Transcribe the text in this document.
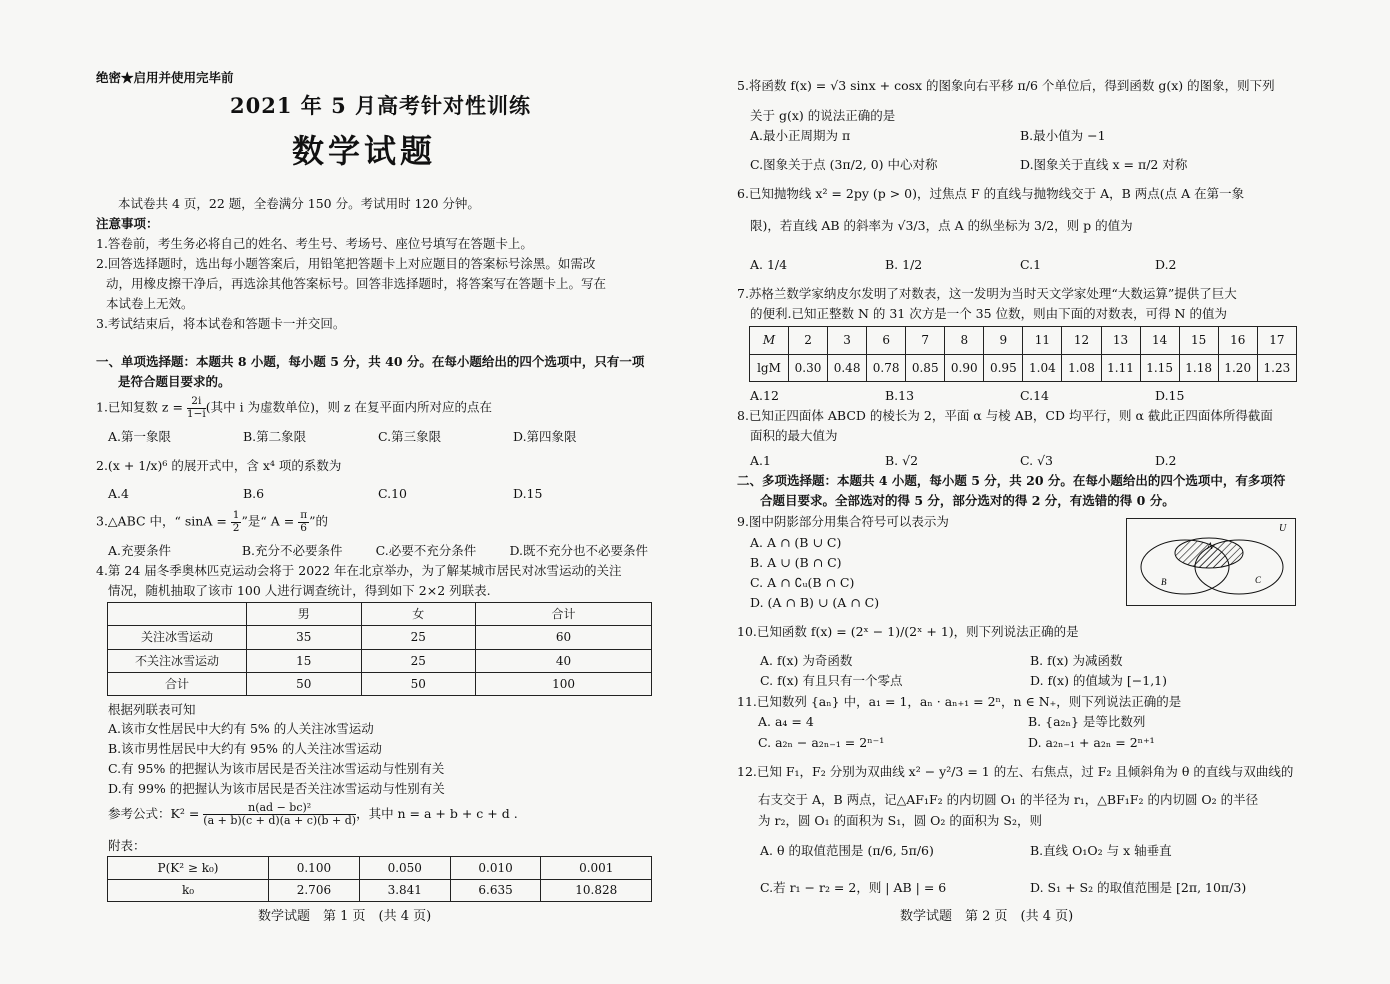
绝密★启用并使用完毕前
2021 年 5 月高考针对性训练
数学试题
本试卷共 4 页，22 题，全卷满分 150 分。考试用时 120 分钟。
注意事项：
1.答卷前，考生务必将自己的姓名、考生号、考场号、座位号填写在答题卡上。
2.回答选择题时，选出每小题答案后，用铅笔把答题卡上对应题目的答案标号涂黑。如需改
动，用橡皮擦干净后，再选涂其他答案标号。回答非选择题时，将答案写在答题卡上。写在
本试卷上无效。
3.考试结束后，将本试卷和答题卡一并交回。
一、单项选择题：本题共 8 小题，每小题 5 分，共 40 分。在每小题给出的四个选项中，只有一项
是符合题目要求的。
1.已知复数 $z = \frac{2i}{1-i}$ (其中 i 为虚数单位)，则 z 在复平面内所对应的点在
A.第一象限	B.第二象限	C.第三象限	D.第四象限
2.(x + 1/x)⁶ 的展开式中，含 x⁴ 项的系数为
A.4	B.6	C.10	D.15
3.△ABC 中，“ $\sin A = \frac{1}{2}$ ”是“ $A = \frac{\pi}{6}$ ”的
A.充要条件	B.充分不必要条件	C.必要不充分条件	D.既不充分也不必要条件
4.第 24 届冬季奥林匹克运动会将于 2022 年在北京举办，为了解某城市居民对冰雪运动的关注
情况，随机抽取了该市 100 人进行调查统计，得到如下 2×2 列联表.
	男	女	合计
关注冰雪运动	35	25	60
不关注冰雪运动	15	25	40
合计	50	50	100
根据列联表可知
A.该市女性居民中大约有 5% 的人关注冰雪运动
B.该市男性居民中大约有 95% 的人关注冰雪运动
C.有 95% 的把握认为该市居民是否关注冰雪运动与性别有关
D.有 99% 的把握认为该市居民是否关注冰雪运动与性别有关
参考公式：$K^2 = \frac{\text{n(ad − bc)²}}{(a + b)(c + d)(a + c)(b + d)}$ ，其中 n = a + b + c + d .
附表：
P(K² ≥ k₀)	0.100	0.050	0.010	0.001
k₀	2.706	3.841	6.635	10.828
数学试题　第 1 页　(共 4 页)
5.将函数 f(x) = √3 sinx + cosx 的图象向右平移 π/6 个单位后，得到函数 g(x) 的图象，则下列
关于 g(x) 的说法正确的是
A.最小正周期为 π	B.最小值为 −1
C.图象关于点 (3π/2, 0) 中心对称	D.图象关于直线 x = π/2 对称
6.已知抛物线 x² = 2py (p > 0)，过焦点 F 的直线与抛物线交于 A，B 两点(点 A 在第一象
限)，若直线 AB 的斜率为 √3/3，点 A 的纵坐标为 3/2，则 p 的值为
A. 1/4	B. 1/2	C.1	D.2
7.苏格兰数学家纳皮尔发明了对数表，这一发明为当时天文学家处理“大数运算”提供了巨大
的便利.已知正整数 N 的 31 次方是一个 35 位数，则由下面的对数表，可得 N 的值为
M	2	3	6	7	8	9	11	12	13	14	15	16	17
lgM	0.30	0.48	0.78	0.85	0.90	0.95	1.04	1.08	1.11	1.15	1.18	1.20	1.23
A.12	B.13	C.14	D.15
8.已知正四面体 ABCD 的棱长为 2，平面 α 与棱 AB，CD 均平行，则 α 截此正四面体所得截面
面积的最大值为
A.1	B. √2	C. √3	D.2
二、多项选择题：本题共 4 小题，每小题 5 分，共 20 分。在每小题给出的四个选项中，有多项符
合题目要求。全部选对的得 5 分，部分选对的得 2 分，有选错的得 0 分。
9.图中阴影部分用集合符号可以表示为
A. A ∩ (B ∪ C)
B. A ∪ (B ∩ C)
C. A ∩ ∁ᵤ(B ∩ C)
D. (A ∩ B) ∪ (A ∩ C)
U
A
B	C
10.已知函数 f(x) = (2ˣ − 1)/(2ˣ + 1)，则下列说法正确的是
A. f(x) 为奇函数	B. f(x) 为减函数
C. f(x) 有且只有一个零点	D. f(x) 的值域为 [−1,1)
11.已知数列 {aₙ} 中，a₁ = 1，aₙ · aₙ₊₁ = 2ⁿ，n ∈ N₊，则下列说法正确的是
A. a₄ = 4	B. {a₂ₙ} 是等比数列
C. a₂ₙ − a₂ₙ₋₁ = 2ⁿ⁻¹	D. a₂ₙ₋₁ + a₂ₙ = 2ⁿ⁺¹
12.已知 F₁，F₂ 分别为双曲线 x² − y²/3 = 1 的左、右焦点，过 F₂ 且倾斜角为 θ 的直线与双曲线的
右支交于 A，B 两点，记△AF₁F₂ 的内切圆 O₁ 的半径为 r₁，△BF₁F₂ 的内切圆 O₂ 的半径
为 r₂，圆 O₁ 的面积为 S₁，圆 O₂ 的面积为 S₂，则
A. θ 的取值范围是 (π/6, 5π/6)	B.直线 O₁O₂ 与 x 轴垂直
C.若 r₁ − r₂ = 2，则 | AB | = 6	D. S₁ + S₂ 的取值范围是 [2π, 10π/3)
数学试题　第 2 页　(共 4 页)
